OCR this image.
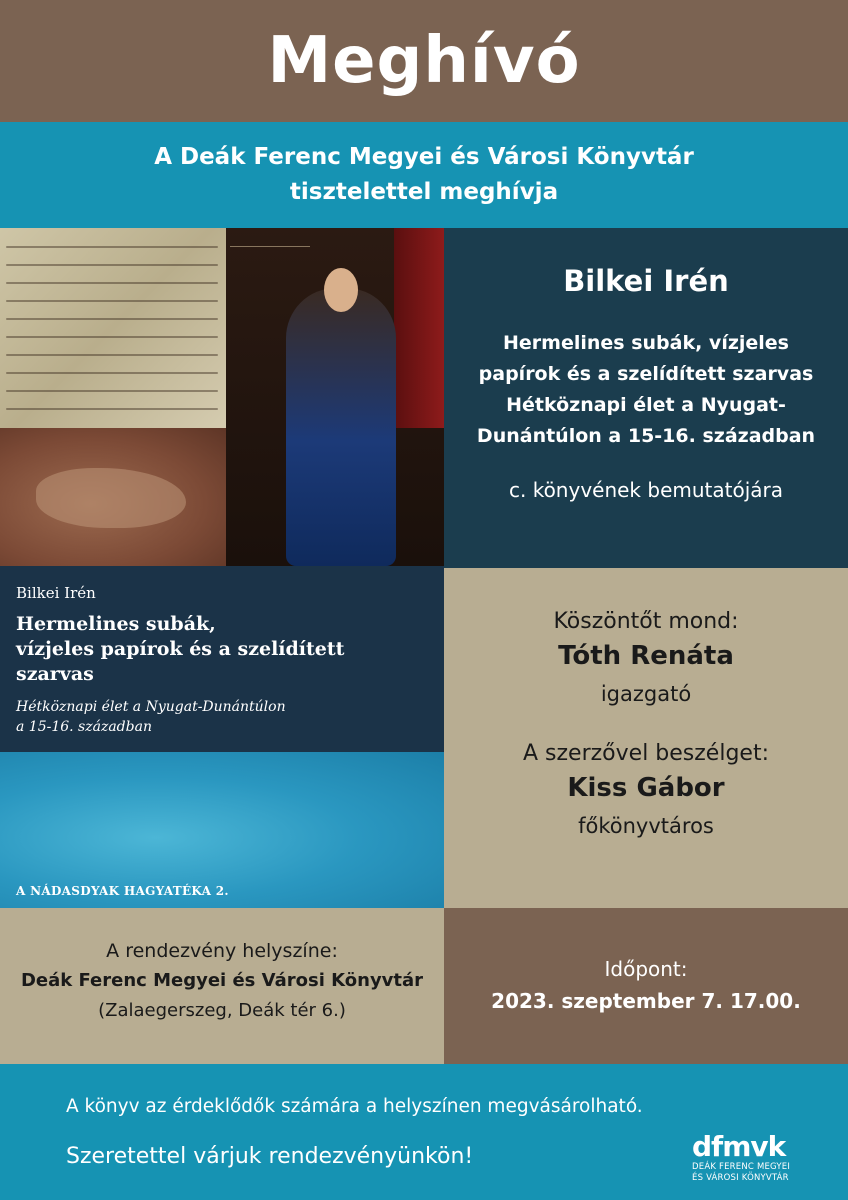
Meghívó
A Deák Ferenc Megyei és Városi Könyvtár
tisztelettel meghívja
Bilkei Irén
Hermelines subák,
vízjeles papírok és a szelídített szarvas
Hétköznapi élet a Nyugat-Dunántúlon
a 15-16. században
A NÁDASDYAK HAGYATÉKA 2.
Bilkei Irén
Hermelines subák, vízjeles
papírok és a szelídített szarvas
Hétköznapi élet a Nyugat-
Dunántúlon a 15-16. században
c. könyvének bemutatójára
Köszöntőt mond:
Tóth Renáta
igazgató
A szerzővel beszélget:
Kiss Gábor
főkönyvtáros
A rendezvény helyszíne:
Deák Ferenc Megyei és Városi Könyvtár
(Zalaegerszeg, Deák tér 6.)
Időpont:
2023. szeptember 7. 17.00.
A könyv az érdeklődők számára a helyszínen megvásárolható.
Szeretettel várjuk rendezvényünkön!	dfmvk
DEÁK FERENC MEGYEI
ÉS VÁROSI KÖNYVTÁR
